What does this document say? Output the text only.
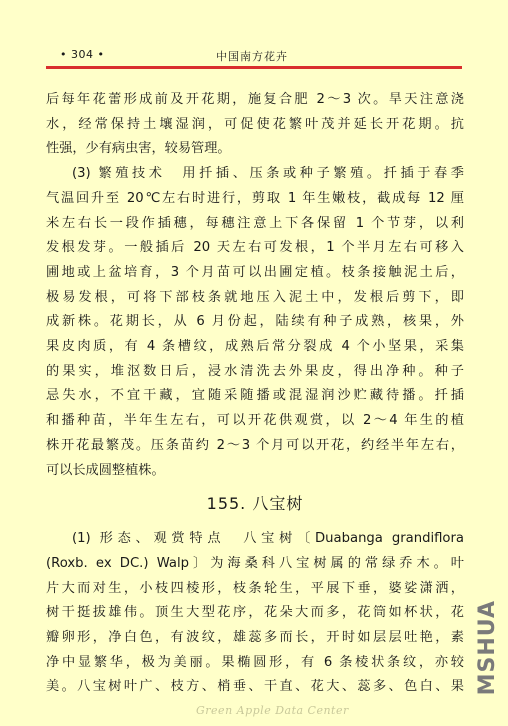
• 304 •	中国南方花卉

后每年花蕾形成前及开花期，施复合肥 2～3 次。旱天注意浇

水，经常保持土壤湿润，可促使花繁叶茂并延长开花期。抗

性强，少有病虫害，较易管理。

(3) 繁殖技术　用扦插、压条或种子繁殖。扦插于春季

气温回升至 20℃左右时进行，剪取 1 年生嫩枝，截成每 12 厘

米左右长一段作插穗，每穗注意上下各保留 1 个节芽，以利

发根发芽。一般插后 20 天左右可发根，1 个半月左右可移入

圃地或上盆培育，3 个月苗可以出圃定植。枝条接触泥土后，

极易发根，可将下部枝条就地压入泥土中，发根后剪下，即

成新株。花期长，从 6 月份起，陆续有种子成熟，核果，外

果皮肉质，有 4 条槽纹，成熟后常分裂成 4 个小坚果，采集

的果实，堆沤数日后，浸水清洗去外果皮，得出净种。种子

忌失水，不宜干藏，宜随采随播或混湿润沙贮藏待播。扦插

和播种苗，半年生左右，可以开花供观赏，以 2～4 年生的植

株开花最繁茂。压条苗约 2～3 个月可以开花，约经半年左右，

可以长成圆整植株。

155. 八宝树

(1) 形态、观赏特点　八宝树〔Duabanga grandiflora

(Roxb. ex DC.) Walp〕为海桑科八宝树属的常绿乔木。叶

片大而对生，小枝四棱形，枝条轮生，平展下垂，婆娑潇洒，

树干挺拔雄伟。顶生大型花序，花朵大而多，花筒如杯状，花

瓣卵形，净白色，有波纹，雄蕊多而长，开时如层层吐艳，素

净中显繁华，极为美丽。果椭圆形，有 6 条棱状条纹，亦较

美。八宝树叶广、枝方、梢垂、干直、花大、蕊多、色白、果 MSHUA
Green Apple Data Center
